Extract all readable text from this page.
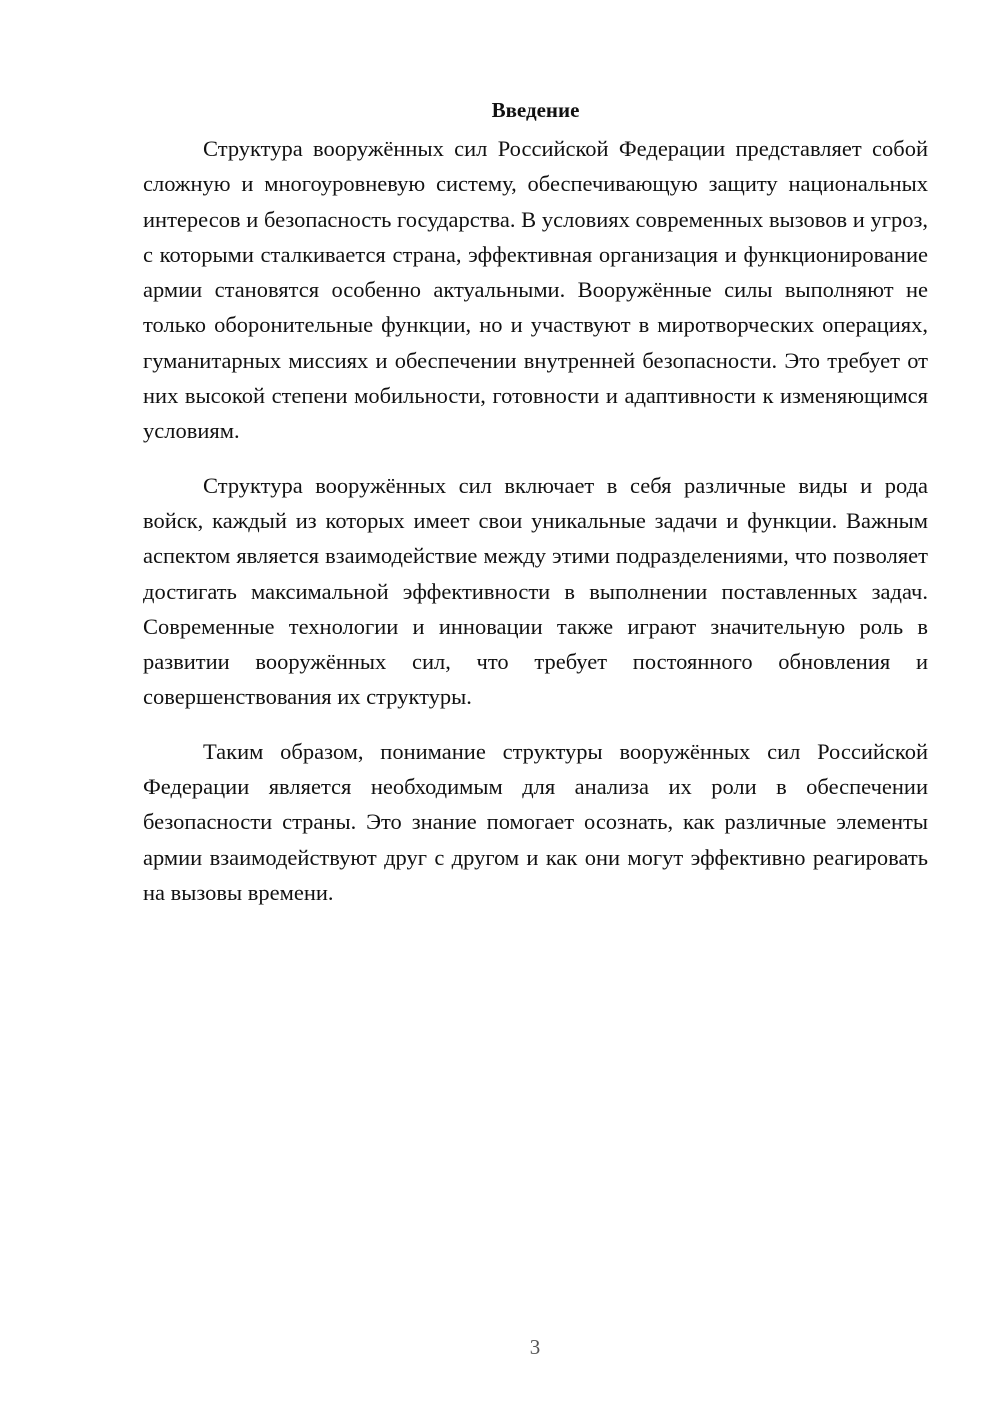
Введение

Структура вооружённых сил Российской Федерации представляет собой сложную и многоуровневую систему, обеспечивающую защиту национальных интересов и безопасность государства. В условиях современных вызовов и угроз, с которыми сталкивается страна, эффективная организация и функционирование армии становятся особенно актуальными. Вооружённые силы выполняют не только оборонительные функции, но и участвуют в миротворческих операциях, гуманитарных миссиях и обеспечении внутренней безопасности. Это требует от них высокой степени мобильности, готовности и адаптивности к изменяющимся условиям.

Структура вооружённых сил включает в себя различные виды и рода войск, каждый из которых имеет свои уникальные задачи и функции. Важным аспектом является взаимодействие между этими подразделениями, что позволяет достигать максимальной эффективности в выполнении поставленных задач. Современные технологии и инновации также играют значительную роль в развитии вооружённых сил, что требует постоянного обновления и совершенствования их структуры.

Таким образом, понимание структуры вооружённых сил Российской Федерации является необходимым для анализа их роли в обеспечении безопасности страны. Это знание помогает осознать, как различные элементы армии взаимодействуют друг с другом и как они могут эффективно реагировать на вызовы времени.

3
